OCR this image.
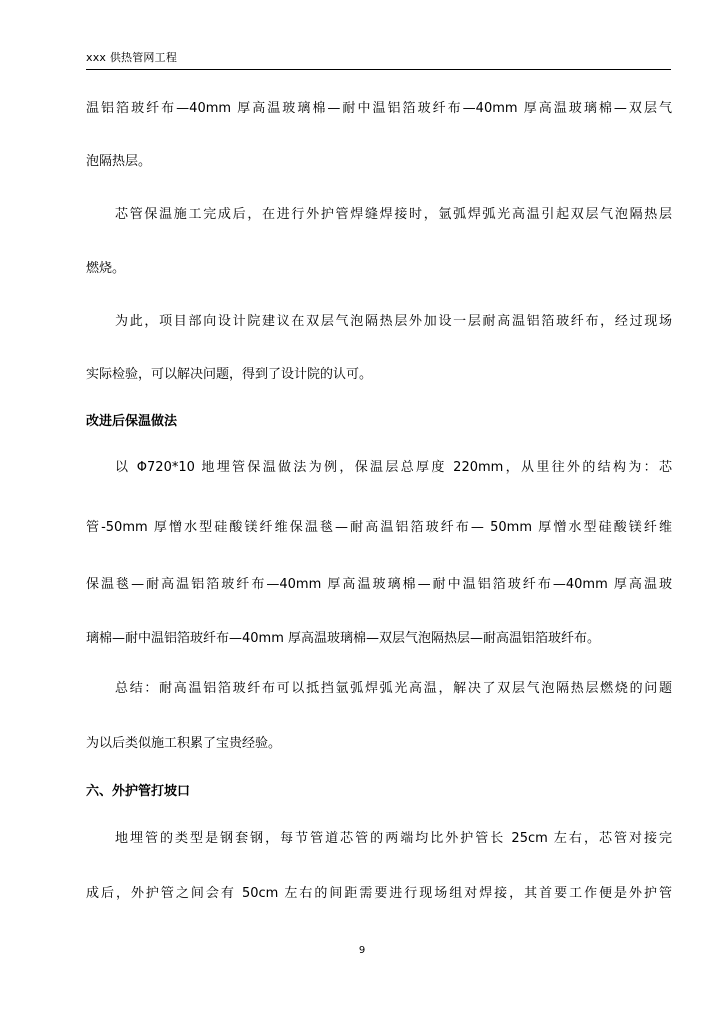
xxx 供热管网工程
温铝箔玻纤布—40mm 厚高温玻璃棉—耐中温铝箔玻纤布—40mm 厚高温玻璃棉—双层气
泡隔热层。
芯管保温施工完成后，在进行外护管焊缝焊接时，氩弧焊弧光高温引起双层气泡隔热层
燃烧。
为此，项目部向设计院建议在双层气泡隔热层外加设一层耐高温铝箔玻纤布，经过现场
实际检验，可以解决问题，得到了设计院的认可。
改进后保温做法
以 Φ720*10 地埋管保温做法为例，保温层总厚度 220mm，从里往外的结构为：芯
管-50mm 厚憎水型硅酸镁纤维保温毯—耐高温铝箔玻纤布— 50mm 厚憎水型硅酸镁纤维
保温毯—耐高温铝箔玻纤布—40mm 厚高温玻璃棉—耐中温铝箔玻纤布—40mm 厚高温玻
璃棉—耐中温铝箔玻纤布—40mm 厚高温玻璃棉—双层气泡隔热层—耐高温铝箔玻纤布。
总结：耐高温铝箔玻纤布可以抵挡氩弧焊弧光高温，解决了双层气泡隔热层燃烧的问题
为以后类似施工积累了宝贵经验。
六、外护管打坡口
地埋管的类型是钢套钢，每节管道芯管的两端均比外护管长 25cm 左右，芯管对接完
成后，外护管之间会有 50cm 左右的间距需要进行现场组对焊接，其首要工作便是外护管
9
